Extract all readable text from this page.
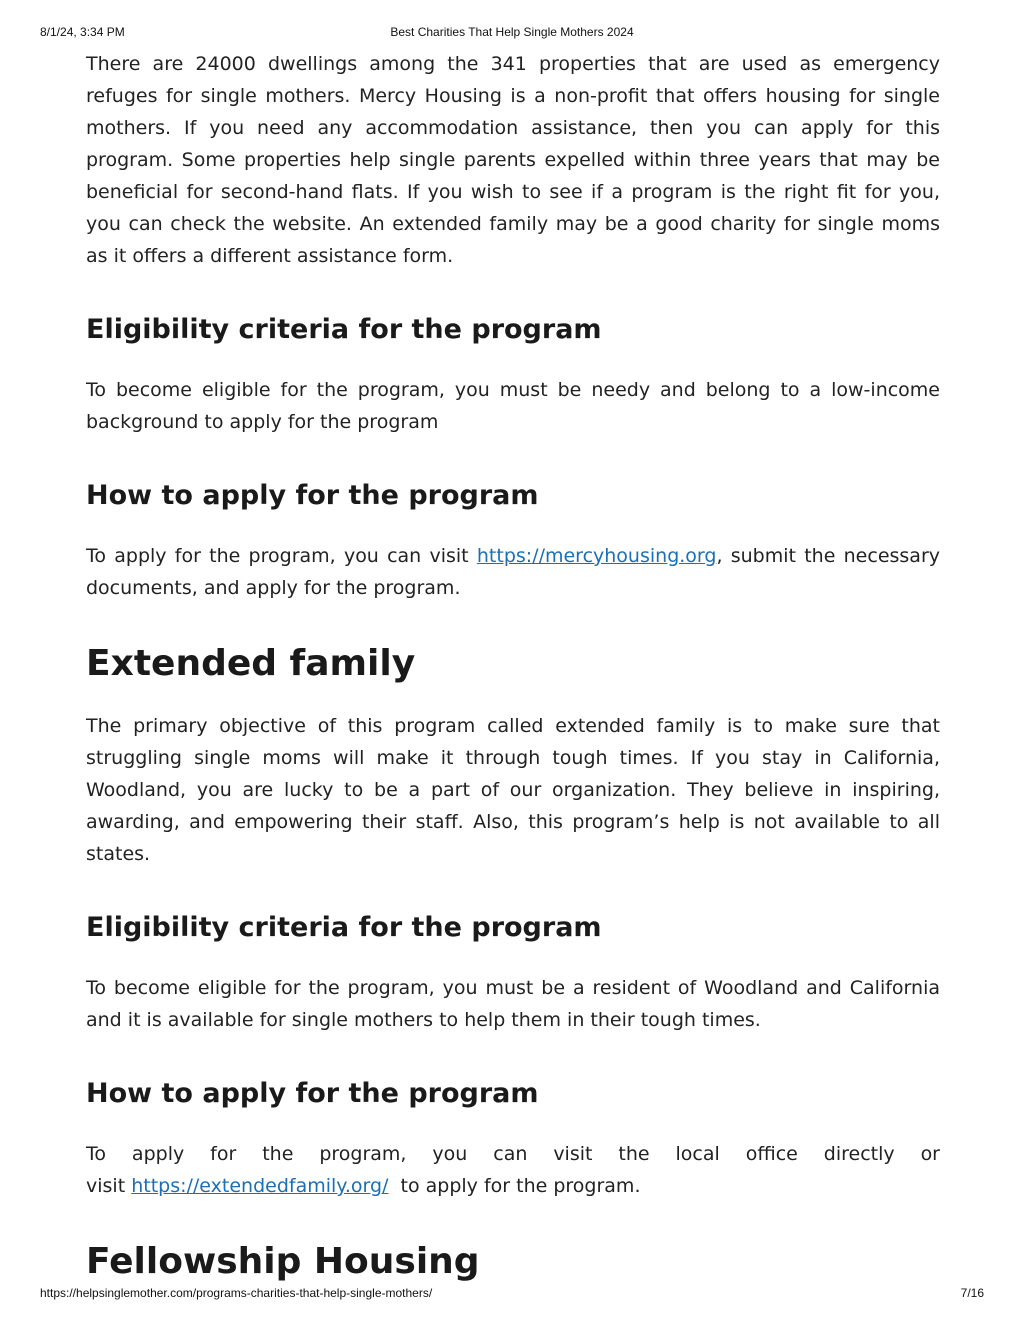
8/1/24, 3:34 PM	Best Charities That Help Single Mothers 2024

There are 24000 dwellings among the 341 properties that are used as emergency refuges for single mothers. Mercy Housing is a non-profit that offers housing for single mothers. If you need any accommodation assistance, then you can apply for this program. Some properties help single parents expelled within three years that may be beneficial for second-hand flats. If you wish to see if a program is the right fit for you, you can check the website. An extended family may be a good charity for single moms as it offers a different assistance form.

Eligibility criteria for the program

To become eligible for the program, you must be needy and belong to a low-income background to apply for the program

How to apply for the program

To apply for the program, you can visit https://mercyhousing.org, submit the necessary documents, and apply for the program.

Extended family

The primary objective of this program called extended family is to make sure that struggling single moms will make it through tough times. If you stay in California, Woodland, you are lucky to be a part of our organization. They believe in inspiring, awarding, and empowering their staff. Also, this program’s help is not available to all states.

Eligibility criteria for the program

To become eligible for the program, you must be a resident of Woodland and California and it is available for single mothers to help them in their tough times.

How to apply for the program

To apply for the program, you can visit the local office directly or

visit https://extendedfamily.org/  to apply for the program.

Fellowship Housing
https://helpsinglemother.com/programs-charities-that-help-single-mothers/	7/16
